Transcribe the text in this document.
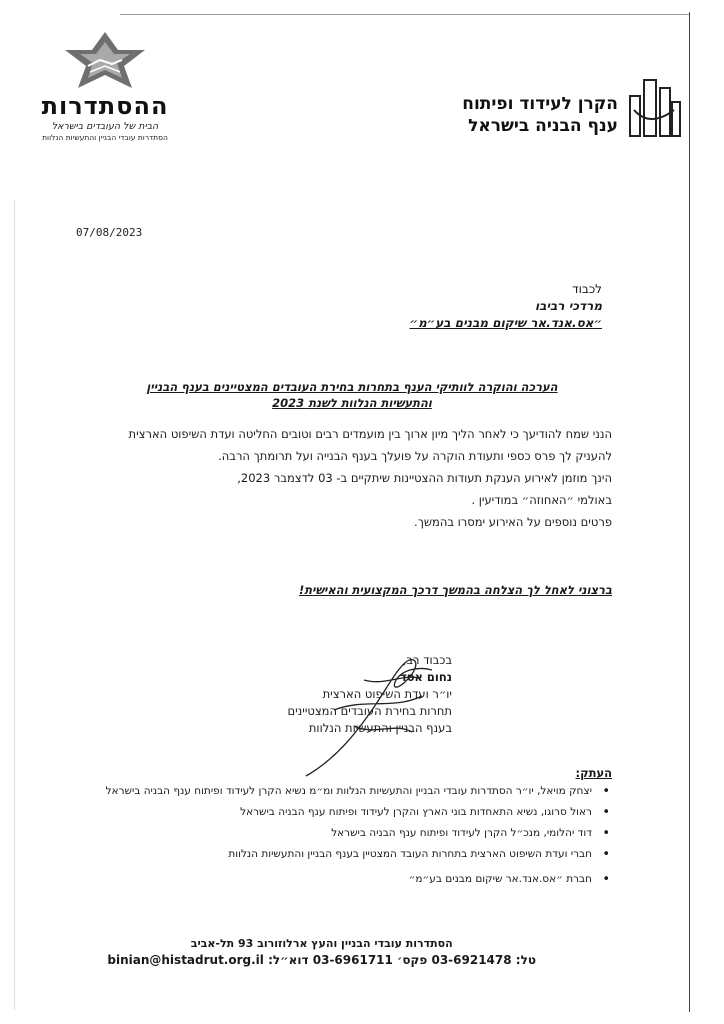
ההסתדרות
הבית של העובדים בישראל
הסתדרות עובדי הבניין והתעשיות הנלוות
הקרן לעידוד ופיתוח
ענף הבניה בישראל
07/08/2023
לכבוד
מרדכי רביבו
״אס.אנד.אר שיקום מבנים בע״מ״
הערכה והוקרה לוותיקי הענף בתחרות בחירת העובדים המצטיינים בענף הבניין
והתעשיות הנלוות לשנת 2023

הנני שמח להודיעך כי לאחר הליך מיון ארוך בין מועמדים רבים וטובים החליטה ועדת השיפוט הארצית להעניק לך פרס כספי ותעודת הוקרה על פועלך בענף הבנייה ועל תרומתך הרבה.

הינך מוזמן לאירוע הענקת תעודות ההצטיינות שיתקיים ב- 03 לדצמבר 2023,

באולמי ״האחוזה״ במודיעין .

פרטים נוספים על האירוע ימסרו בהמשך.

ברצוני לאחל לך הצלחה בהמשך דרכך המקצועית והאישית!
בכבוד רב,
נחום אסד
יו״ר ועדת השיפוט הארצית
תחרות בחירת העובדים המצטיינים
בענף הבניין והתעשיות הנלוות
העתק:
• יצחק מויאל, יו״ר הסתדרות עובדי הבניין והתעשיות הנלוות ומ״מ נשיא הקרן לעידוד ופיתוח ענף הבניה בישראל
• ראול סרוגו, נשיא התאחדות בוני הארץ והקרן לעידוד ופיתוח ענף הבניה בישראל
• דוד יהלומי, מנכ״ל הקרן לעידוד ופיתוח ענף הבניה בישראל
• חברי ועדת השיפוט הארצית בתחרות העובד המצטיין בענף הבניין והתעשיות הנלוות
• חברת ״אס.אנד.אר שיקום מבנים בע״מ״
הסתדרות עובדי הבניין והעץ ארלוזורוב 93 תל-אביב
טל: 03-6921478 פקס׳ 03-6961711 דוא״ל: binian@histadrut.org.il
